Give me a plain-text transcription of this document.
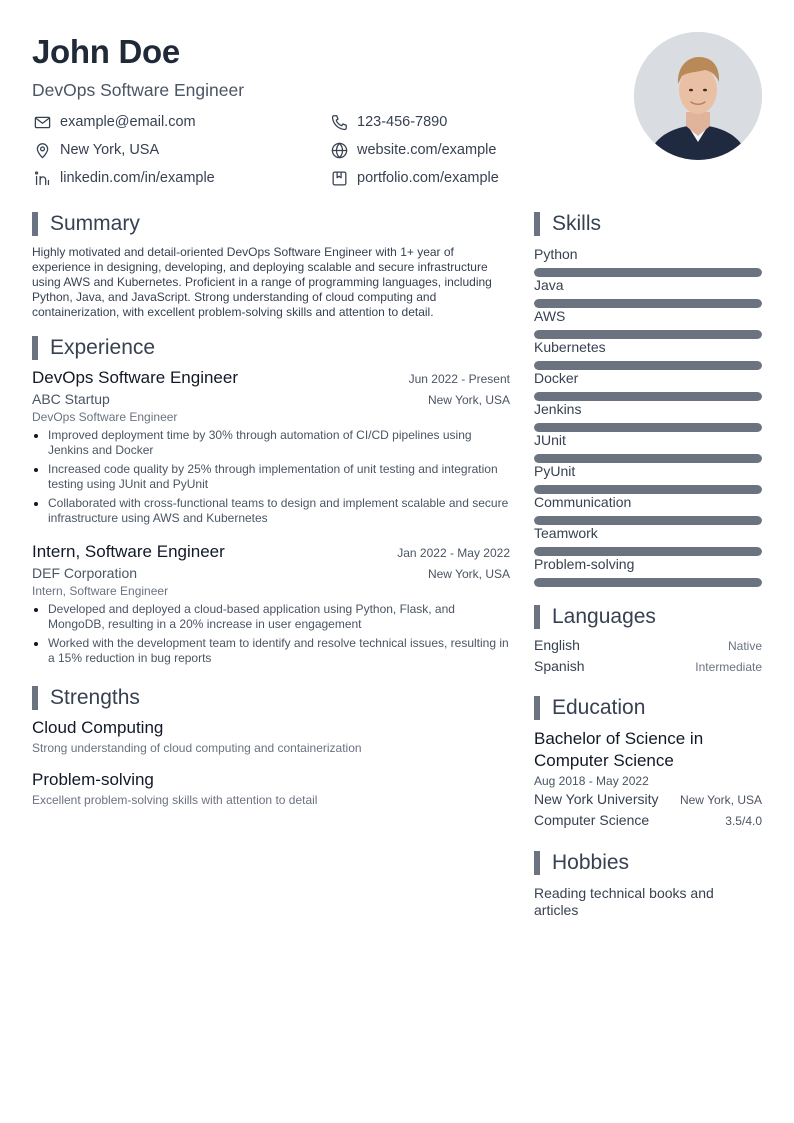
John Doe
DevOps Software Engineer
example@email.com	123-456-7890
New York, USA	website.com/example
linkedin.com/in/example	portfolio.com/example
Summary
Highly motivated and detail-oriented DevOps Software Engineer with 1+ year of experience in designing, developing, and deploying scalable and secure infrastructure using AWS and Kubernetes. Proficient in a range of programming languages, including Python, Java, and JavaScript. Strong understanding of cloud computing and containerization, with excellent problem-solving skills and attention to detail.
Experience
DevOps Software Engineer	Jun 2022 - Present
ABC Startup	New York, USA
DevOps Software Engineer
Improved deployment time by 30% through automation of CI/CD pipelines using Jenkins and Docker
Increased code quality by 25% through implementation of unit testing and integration testing using JUnit and PyUnit
Collaborated with cross-functional teams to design and implement scalable and secure infrastructure using AWS and Kubernetes
Intern, Software Engineer	Jan 2022 - May 2022
DEF Corporation	New York, USA
Intern, Software Engineer
Developed and deployed a cloud-based application using Python, Flask, and MongoDB, resulting in a 20% increase in user engagement
Worked with the development team to identify and resolve technical issues, resulting in a 15% reduction in bug reports
Strengths
Cloud Computing
Strong understanding of cloud computing and containerization
Problem-solving
Excellent problem-solving skills with attention to detail
Skills
Python
Java
AWS
Kubernetes
Docker
Jenkins
JUnit
PyUnit
Communication
Teamwork
Problem-solving
Languages
English	Native
Spanish	Intermediate
Education
Bachelor of Science in Computer Science
Aug 2018 - May 2022
New York University New York, USA
Computer Science	3.5/4.0
Hobbies
Reading technical books and articles
